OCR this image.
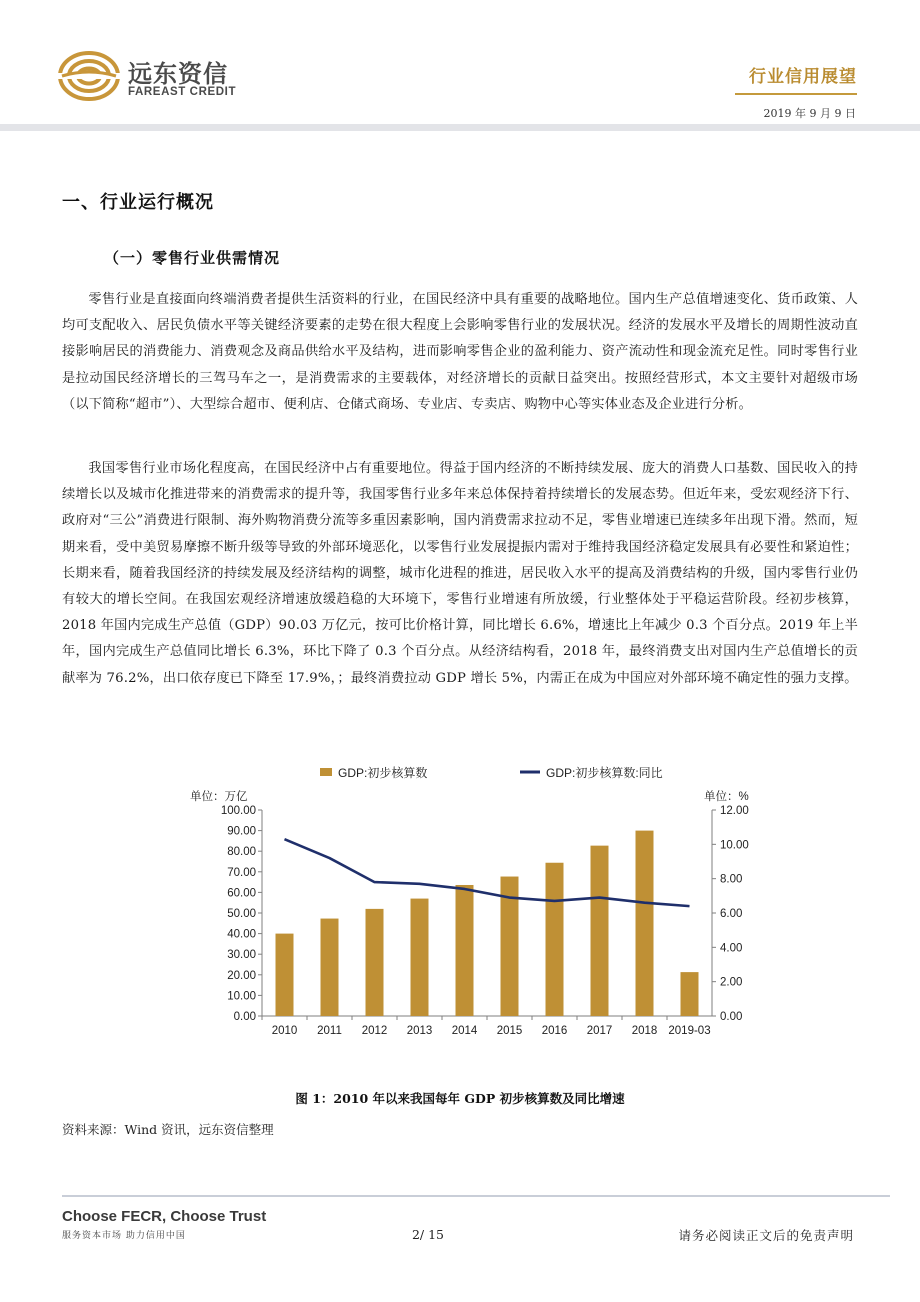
远东资信
FAREAST CREDIT
行业信用展望
2019 年 9 月 9 日
一、行业运行概况
（一）零售行业供需情况
零售行业是直接面向终端消费者提供生活资料的行业，在国民经济中具有重要的战略地位。国内生产总值增速变化、货币政策、人均可支配收入、居民负债水平等关键经济要素的走势在很大程度上会影响零售行业的发展状况。经济的发展水平及增长的周期性波动直接影响居民的消费能力、消费观念及商品供给水平及结构，进而影响零售企业的盈利能力、资产流动性和现金流充足性。同时零售行业是拉动国民经济增长的三驾马车之一，是消费需求的主要载体，对经济增长的贡献日益突出。按照经营形式，本文主要针对超级市场（以下简称“超市”）、大型综合超市、便利店、仓储式商场、专业店、专卖店、购物中心等实体业态及企业进行分析。
我国零售行业市场化程度高，在国民经济中占有重要地位。得益于国内经济的不断持续发展、庞大的消费人口基数、国民收入的持续增长以及城市化推进带来的消费需求的提升等，我国零售行业多年来总体保持着持续增长的发展态势。但近年来，受宏观经济下行、政府对“三公”消费进行限制、海外购物消费分流等多重因素影响，国内消费需求拉动不足，零售业增速已连续多年出现下滑。然而，短期来看，受中美贸易摩擦不断升级等导致的外部环境恶化，以零售行业发展提振内需对于维持我国经济稳定发展具有必要性和紧迫性；长期来看，随着我国经济的持续发展及经济结构的调整，城市化进程的推进，居民收入水平的提高及消费结构的升级，国内零售行业仍有较大的增长空间。在我国宏观经济增速放缓趋稳的大环境下，零售行业增速有所放缓，行业整体处于平稳运营阶段。经初步核算，2018 年国内完成生产总值（GDP）90.03 万亿元，按可比价格计算，同比增长 6.6%，增速比上年减少 0.3 个百分点。2019 年上半年，国内完成生产总值同比增长 6.3%，环比下降了 0.3 个百分点。从经济结构看，2018 年，最终消费支出对国内生产总值增长的贡献率为 76.2%，出口依存度已下降至 17.9%，；最终消费拉动 GDP 增长 5%，内需正在成为中国应对外部环境不确定性的强力支撑。
0.00
10.00
20.00
30.00
40.00
50.00
60.00
70.00
80.00
90.00
100.00
0.00
2.00
4.00
6.00
8.00
10.00
12.00
单位：万亿	单位：%
2010 2011 2012 2013 2014 2015 2016 2017 2018 2019-03
GDP:初步核算数	GDP:初步核算数:同比
图 1：2010 年以来我国每年 GDP 初步核算数及同比增速
资料来源：Wind 资讯，远东资信整理
Choose FECR, Choose Trust
服务资本市场 助力信用中国	2/ 15	请务必阅读正文后的免责声明
